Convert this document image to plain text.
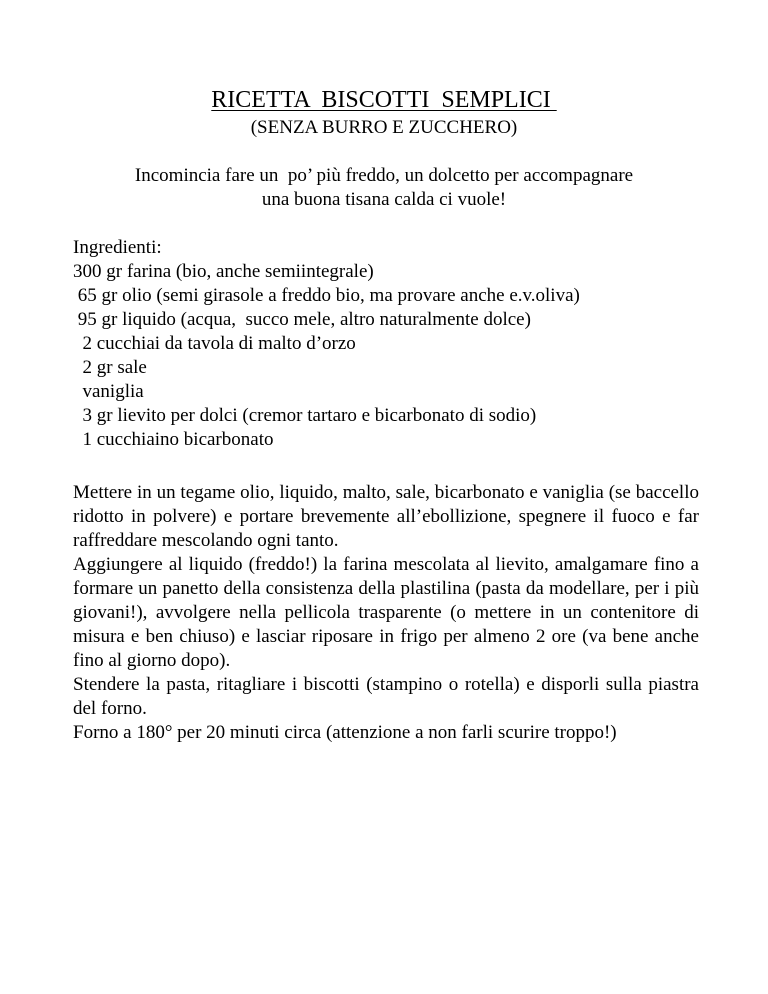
RICETTA  BISCOTTI  SEMPLICI
(SENZA BURRO E ZUCCHERO)
Incomincia fare un  po’ più freddo, un dolcetto per accompagnare
una buona tisana calda ci vuole!
Ingredienti:
300 gr farina (bio, anche semiintegrale)
65 gr olio (semi girasole a freddo bio, ma provare anche e.v.oliva)
95 gr liquido (acqua,  succo mele, altro naturalmente dolce)
2 cucchiai da tavola di malto d’orzo
2 gr sale
vaniglia
3 gr lievito per dolci (cremor tartaro e bicarbonato di sodio)
1 cucchiaino bicarbonato

Mettere in un tegame olio, liquido, malto, sale, bicarbonato e vaniglia (se baccello ridotto in polvere) e portare brevemente all’ebollizione, spegnere il fuoco e far raffreddare mescolando ogni tanto.

Aggiungere al liquido (freddo!) la farina mescolata al lievito, amalgamare fino a formare un panetto della consistenza della plastilina (pasta da modellare, per i più giovani!), avvolgere nella pellicola trasparente (o mettere in un contenitore di misura e ben chiuso) e lasciar riposare in frigo per almeno 2 ore (va bene anche fino al giorno dopo).

Stendere la pasta, ritagliare i biscotti (stampino o rotella) e disporli sulla piastra del forno.

Forno a 180° per 20 minuti circa (attenzione a non farli scurire troppo!)
